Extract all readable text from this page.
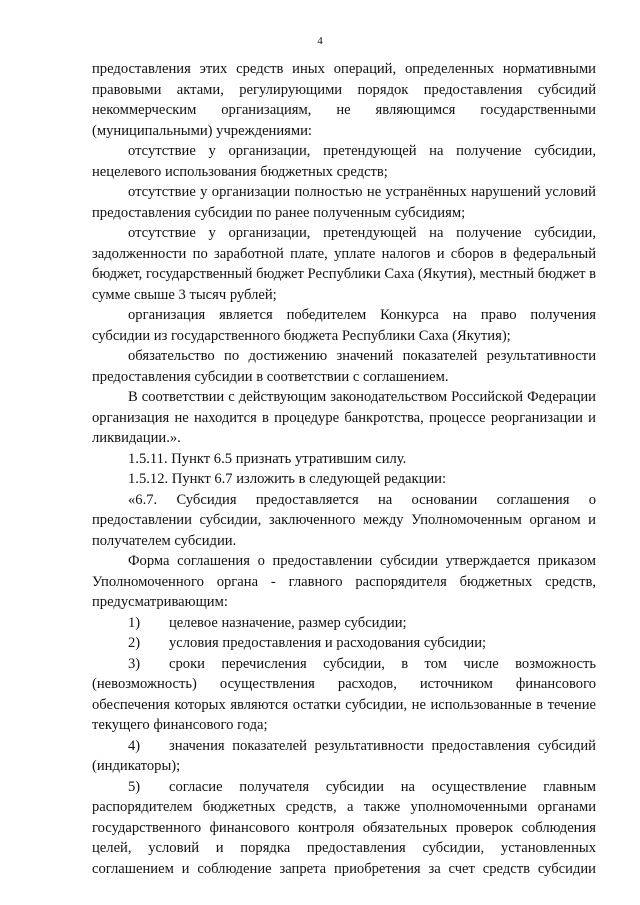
4

предоставления этих средств иных операций, определенных нормативными правовыми актами, регулирующими порядок предоставления субсидий некоммерческим организациям, не являющимся государственными (муниципальными) учреждениями:

отсутствие у организации, претендующей на получение субсидии, нецелевого использования бюджетных средств;

отсутствие у организации полностью не устранённых нарушений условий предоставления субсидии по ранее полученным субсидиям;

отсутствие у организации, претендующей на получение субсидии, задолженности по заработной плате, уплате налогов и сборов в федеральный бюджет, государственный бюджет Республики Саха (Якутия), местный бюджет в сумме свыше 3 тысяч рублей;

организация является победителем Конкурса на право получения субсидии из государственного бюджета Республики Саха (Якутия);

обязательство по достижению значений показателей результативности предоставления субсидии в соответствии с соглашением.

В соответствии с действующим законодательством Российской Федерации организация не находится в процедуре банкротства, процессе реорганизации и ликвидации.».

1.5.11. Пункт 6.5 признать утратившим силу.

1.5.12. Пункт 6.7 изложить в следующей редакции:

«6.7. Субсидия предоставляется на основании соглашения о предоставлении субсидии, заключенного между Уполномоченным органом и получателем субсидии.

Форма соглашения о предоставлении субсидии утверждается приказом Уполномоченного органа - главного распорядителя бюджетных средств, предусматривающим:

1) целевое назначение, размер субсидии;

2) условия предоставления и расходования субсидии;

3) сроки перечисления субсидии, в том числе возможность (невозможность) осуществления расходов, источником финансового обеспечения которых являются остатки субсидии, не использованные в течение текущего финансового года;

4) значения показателей результативности предоставления субсидий (индикаторы);

5) согласие получателя субсидии на осуществление главным распорядителем бюджетных средств, а также уполномоченными органами государственного финансового контроля обязательных проверок соблюдения целей, условий и порядка предоставления субсидии, установленных соглашением и соблюдение запрета приобретения за счет средств субсидии
